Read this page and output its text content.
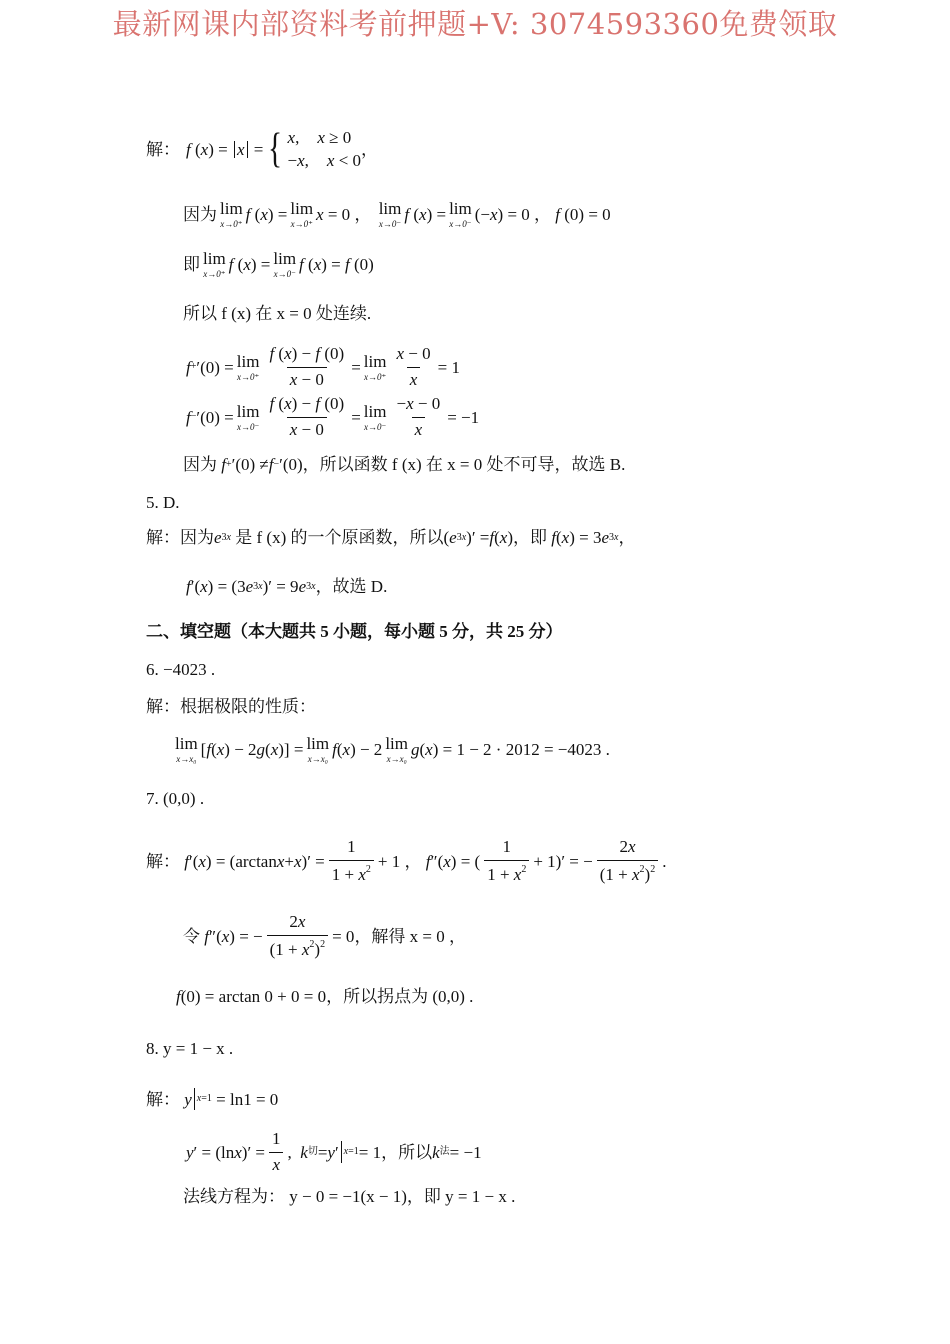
最新网课内部资料考前押题+V: 3074593360免费领取
解： f ( x ) = x = { x, x ≥ 0
−x, x < 0
，
因为 lim
x→0⁺ f ( x ) = lim
x→0⁺ x = 0 ， lim
x→0⁻ f ( x ) = lim
x→0⁻ (− x ) = 0 ， f (0) = 0
即 lim
x→0⁺ f ( x ) = lim
x→0⁻ f ( x ) = f (0)
所以 f (x) 在 x = 0 处连续.
f + ′(0) = lim
$x\to 0^+ \frac{f (x) - f (0)}{x - 0} = \lim$
$x\to 0^+ \frac{x - 0}{x} = 1$
f − ′(0) = lim
$x\to 0^- \frac{f (x) - f (0)}{x - 0} = \lim$
$x\to 0^- \frac{-x - 0}{x} = -1$
因为
f + ′(0) ≠ f − ′(0) ，所以函数 f (x) 在 x = 0 处不可导，故选 B.
5. D.
解：因为 e 3x
是 f (x) 的一个原函数，所以 ( e 3x )′ = f ( x ) ，即
f ( x ) = 3 e 3x ，
f ′( x ) = (3 e 3x )′ = 9 e 3x ，故选 D.
二、填空题（本大题共 5 小题，每小题 5 分，共 25 分）
6. −4023 .
解：根据极限的性质：
lim
x→x₀ [ f ( x ) − 2 g ( x )] = lim
x→x₀ f ( x ) − 2 lim
x→x₀ g ( x ) = 1 − 2 · 2012 = −4023 .
7. (0,0) .
解：
f ′( x ) = (arctan x + x )′ = $\frac{1}{1 + x^2} + 1$ ， f ″( x ) = ( $\frac{1}{1 + x^2} + 1)'$ = − $\frac{2x}{(1 + x^2)^2}$ .
令
f ″( x ) = − $\frac{2x}{(1 + x^2)^2} = 0$ ，解得 x = 0 ，
f (0) = arctan 0 + 0 = 0 ，所以拐点为 (0,0) .
8. y = 1 − x .
解：
y x=1 = ln1 = 0
y ′ = (ln x )′ = $\frac{1}{x}$ , k 切 = y ′ x=1 = 1 ，所以 k 法 = −1
法线方程为：
y − 0 = −1(x − 1)，即 y = 1 − x .
